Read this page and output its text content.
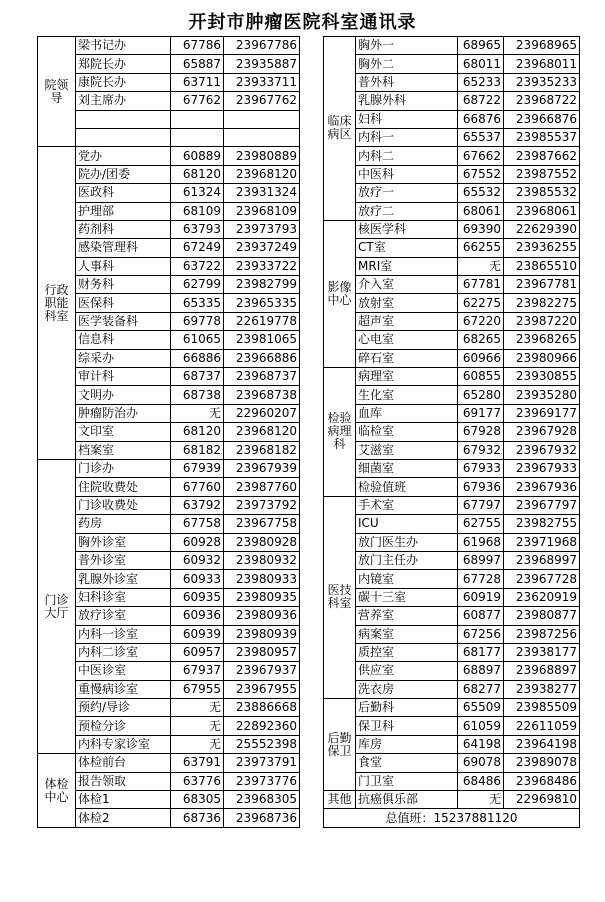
开封市肿瘤医院科室通讯录
院领导	梁书记办	67786	23967786
	郑院长办	65887	23935887
	康院长办	63711	23933711
	刘主席办	67762	23967762

行政职能科室	党办	60889	23980889
	院办/团委	68120	23968120
	医政科	61324	23931324
	护理部	68109	23968109
	药剂科	63793	23973793
	感染管理科	67249	23937249
	人事科	63722	23933722
	财务科	62799	23982799
	医保科	65335	23965335
	医学装备科	69778	22619778
	信息科	61065	23981065
	综采办	66886	23966886
	审计科	68737	23968737
	文明办	68738	23968738
	肿瘤防治办	无	22960207
	文印室	68120	23968120
	档案室	68182	23968182
门诊大厅	门诊办	67939	23967939
	住院收费处	67760	23987760
	门诊收费处	63792	23973792
	药房	67758	23967758
	胸外诊室	60928	23980928
	普外诊室	60932	23980932
	乳腺外诊室	60933	23980933
	妇科诊室	60935	23980935
	放疗诊室	60936	23980936
	内科一诊室	60939	23980939
	内科二诊室	60957	23980957
	中医诊室	67937	23967937
	重慢病诊室	67955	23967955
	预约/导诊	无	23886668
	预检分诊	无	22892360
	内科专家诊室	无	25552398
体检中心	体检前台	63791	23973791
	报告领取	63776	23973776
	体检1	68305	23968305
	体检2	68736	23968736
临床病区	胸外一	68965	23968965
	胸外二	68011	23968011
	普外科	65233	23935233
	乳腺外科	68722	23968722
	妇科	66876	23966876
	内科一	65537	23985537
	内科二	67662	23987662
	中医科	67552	23987552
	放疗一	65532	23985532
	放疗二	68061	23968061
影像中心	核医学科	69390	22629390
	CT室	66255	23936255
	MRI室	无	23865510
	介入室	67781	23967781
	放射室	62275	23982275
	超声室	67220	23987220
	心电室	68265	23968265
	碎石室	60966	23980966
检验病理科	病理室	60855	23930855
	生化室	65280	23935280
	血库	69177	23969177
	临检室	67928	23967928
	艾滋室	67932	23967932
	细菌室	67933	23967933
	检验值班	67936	23967936
医技科室	手术室	67797	23967797
	ICU	62755	23982755
	放门医生办	61968	23971968
	放门主任办	68997	23968997
	内镜室	67728	23967728
	碳十三室	60919	23620919
	营养室	60877	23980877
	病案室	67256	23987256
	质控室	68177	23938177
	供应室	68897	23968897
	洗衣房	68277	23938277
后勤保卫	后勤科	65509	23985509
	保卫科	61059	22611059
	库房	64198	23964198
	食堂	69078	23989078
	门卫室	68486	23968486
其他	抗癌俱乐部	无	22969810
总值班：15237881120			
